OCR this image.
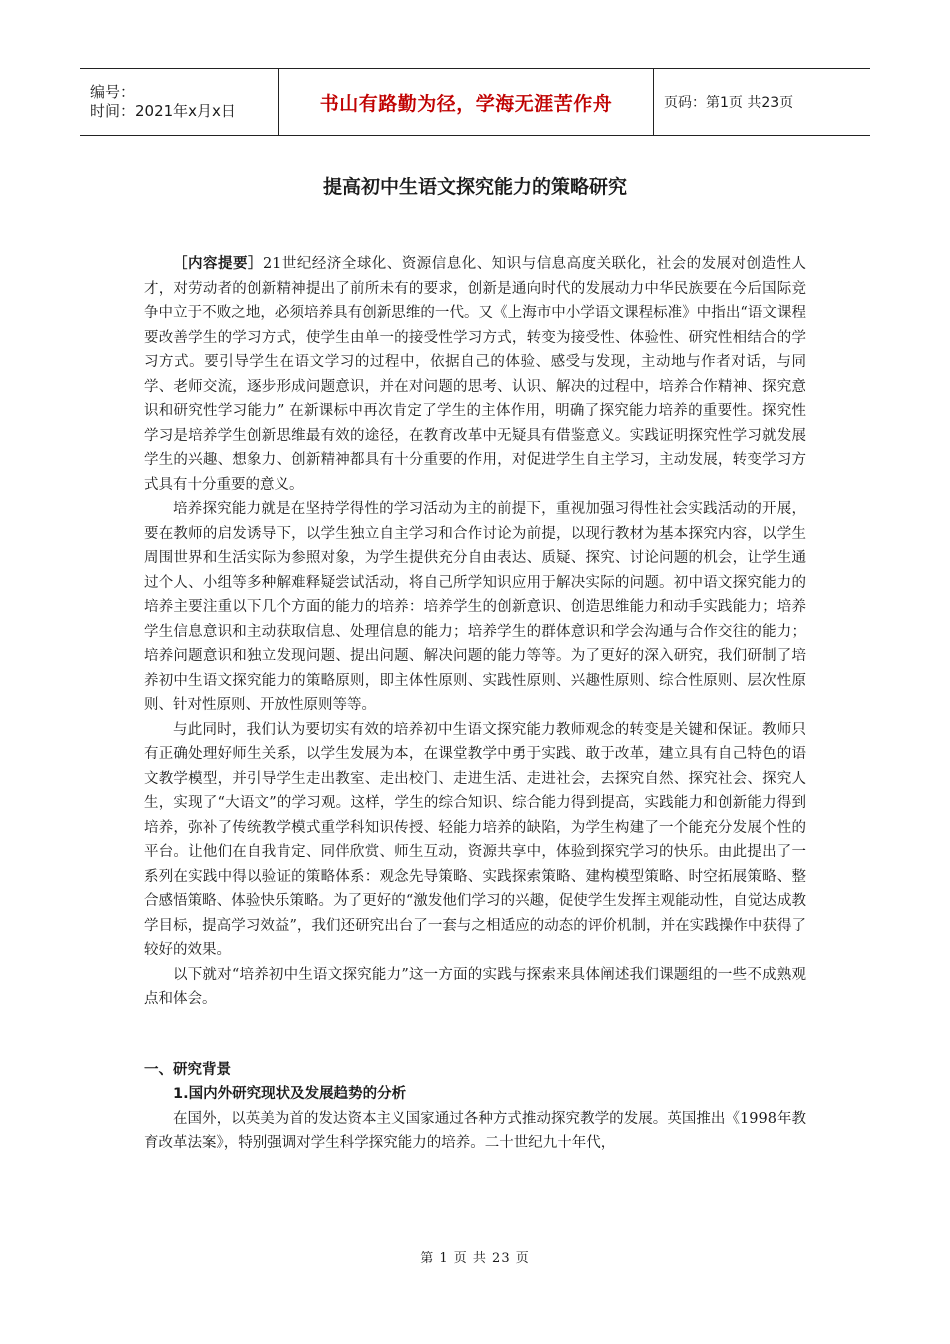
编号：
时间：2021年x月x日	书山有路勤为径，学海无涯苦作舟	页码：第1页 共23页
提高初中生语文探究能力的策略研究

［内容提要］21世纪经济全球化、资源信息化、知识与信息高度关联化，社会的发展对创造性人才，对劳动者的创新精神提出了前所未有的要求，创新是通向时代的发展动力中华民族要在今后国际竞争中立于不败之地，必须培养具有创新思维的一代。又《上海市中小学语文课程标准》中指出“语文课程要改善学生的学习方式，使学生由单一的接受性学习方式，转变为接受性、体验性、研究性相结合的学习方式。要引导学生在语文学习的过程中，依据自己的体验、感受与发现，主动地与作者对话，与同学、老师交流，逐步形成问题意识，并在对问题的思考、认识、解决的过程中，培养合作精神、探究意识和研究性学习能力” 在新课标中再次肯定了学生的主体作用，明确了探究能力培养的重要性。探究性学习是培养学生创新思维最有效的途径，在教育改革中无疑具有借鉴意义。实践证明探究性学习就发展学生的兴趣、想象力、创新精神都具有十分重要的作用，对促进学生自主学习，主动发展，转变学习方式具有十分重要的意义。

培养探究能力就是在坚持学得性的学习活动为主的前提下，重视加强习得性社会实践活动的开展，要在教师的启发诱导下，以学生独立自主学习和合作讨论为前提，以现行教材为基本探究内容，以学生周围世界和生活实际为参照对象，为学生提供充分自由表达、质疑、探究、讨论问题的机会，让学生通过个人、小组等多种解难释疑尝试活动，将自己所学知识应用于解决实际的问题。初中语文探究能力的培养主要注重以下几个方面的能力的培养：培养学生的创新意识、创造思维能力和动手实践能力；培养学生信息意识和主动获取信息、处理信息的能力；培养学生的群体意识和学会沟通与合作交往的能力；培养问题意识和独立发现问题、提出问题、解决问题的能力等等。为了更好的深入研究，我们研制了培养初中生语文探究能力的策略原则，即主体性原则、实践性原则、兴趣性原则、综合性原则、层次性原则、针对性原则、开放性原则等等。

与此同时，我们认为要切实有效的培养初中生语文探究能力教师观念的转变是关键和保证。教师只有正确处理好师生关系，以学生发展为本，在课堂教学中勇于实践、敢于改革，建立具有自己特色的语文教学模型，并引导学生走出教室、走出校门、走进生活、走进社会，去探究自然、探究社会、探究人生，实现了“大语文”的学习观。这样，学生的综合知识、综合能力得到提高，实践能力和创新能力得到培养，弥补了传统教学模式重学科知识传授、轻能力培养的缺陷，为学生构建了一个能充分发展个性的平台。让他们在自我肯定、同伴欣赏、师生互动，资源共享中，体验到探究学习的快乐。由此提出了一系列在实践中得以验证的策略体系：观念先导策略、实践探索策略、建构模型策略、时空拓展策略、整合感悟策略、体验快乐策略。为了更好的“激发他们学习的兴趣，促使学生发挥主观能动性，自觉达成教学目标，提高学习效益”，我们还研究出台了一套与之相适应的动态的评价机制，并在实践操作中获得了较好的效果。

以下就对“培养初中生语文探究能力”这一方面的实践与探索来具体阐述我们课题组的一些不成熟观点和体会。

一、研究背景

1.国内外研究现状及发展趋势的分析

在国外，以英美为首的发达资本主义国家通过各种方式推动探究教学的发展。英国推出《1998年教育改革法案》，特别强调对学生科学探究能力的培养。二十世纪九十年代，

第 1 页 共 23 页
